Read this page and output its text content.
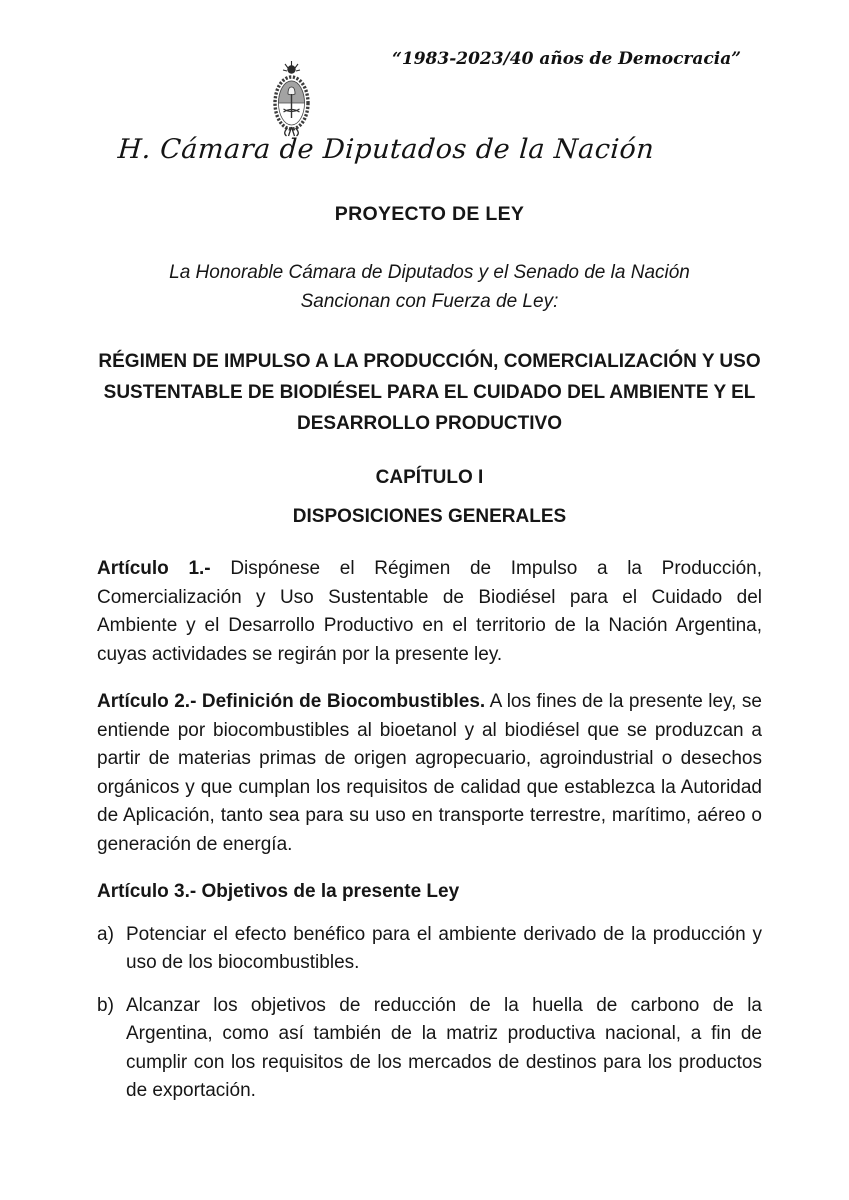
“1983-2023/40 años de Democracia”
H. Cámara de Diputados de la Nación
PROYECTO DE LEY
La Honorable Cámara de Diputados y el Senado de la Nación
Sancionan con Fuerza de Ley:
RÉGIMEN DE IMPULSO A LA PRODUCCIÓN, COMERCIALIZACIÓN Y USO SUSTENTABLE DE BIODIÉSEL PARA EL CUIDADO DEL AMBIENTE Y EL DESARROLLO PRODUCTIVO
CAPÍTULO I
DISPOSICIONES GENERALES

Artículo 1.- Dispónese el Régimen de Impulso a la Producción, Comercialización y Uso Sustentable de Biodiésel para el Cuidado del Ambiente y el Desarrollo Productivo en el territorio de la Nación Argentina, cuyas actividades se regirán por la presente ley.

Artículo 2.- Definición de Biocombustibles. A los fines de la presente ley, se entiende por biocombustibles al bioetanol y al biodiésel que se produzcan a partir de materias primas de origen agropecuario, agroindustrial o desechos orgánicos y que cumplan los requisitos de calidad que establezca la Autoridad de Aplicación, tanto sea para su uso en transporte terrestre, marítimo, aéreo o generación de energía.

Artículo 3.- Objetivos de la presente Ley
a) Potenciar el efecto benéfico para el ambiente derivado de la producción y uso de los biocombustibles.
b) Alcanzar los objetivos de reducción de la huella de carbono de la Argentina, como así también de la matriz productiva nacional, a fin de cumplir con los requisitos de los mercados de destinos para los productos de exportación.
